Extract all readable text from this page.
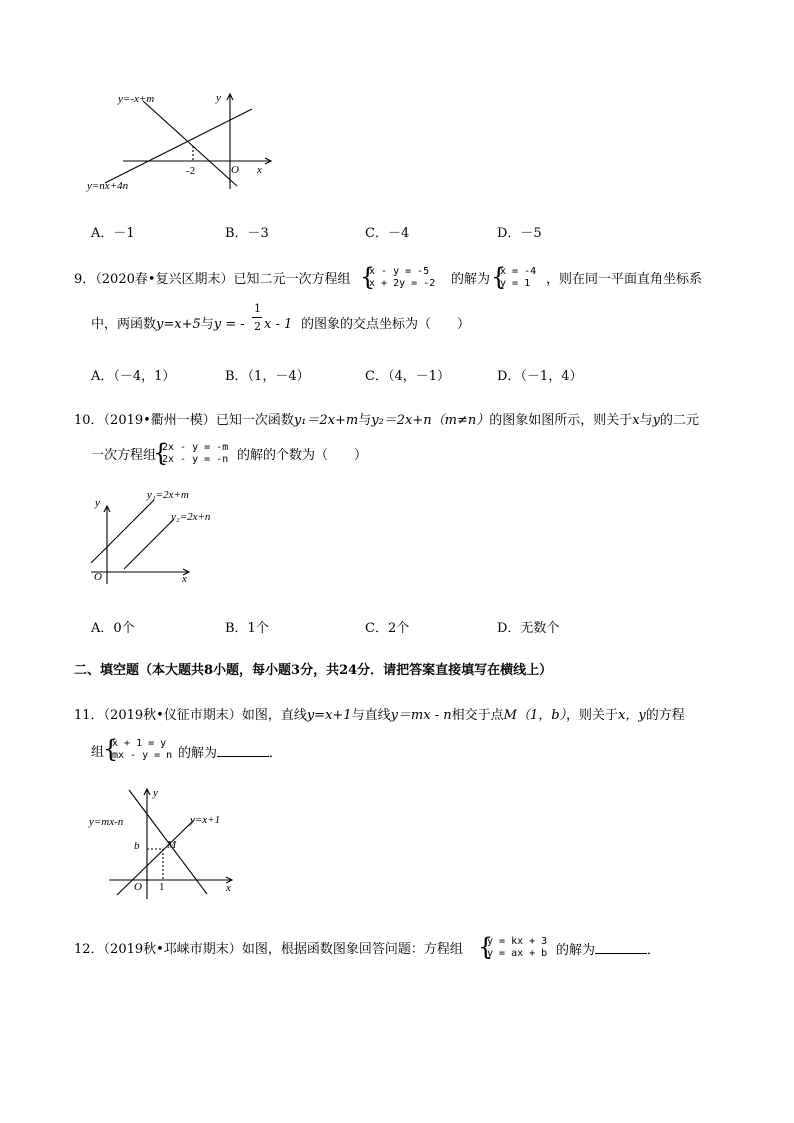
y=-x+m	y
-2	O x
y=nx+4n
A．－1	B．－3	C．－4	D．－5
9．（2020春•复兴区期末）已知二元一次方程组 {
x - y = -5
x + 2y = -2 的解为 {
x = -4
y = 1 ，则在同一平面直角坐标系
中，两函数y=x+5与y = -
1
2 x - 1 的图象的交点坐标为（　　）
A．（－4，1）	B．（1，－4）	C．（4，－1）	D．（－1，4）
10．（2019•衢州一模）已知一次函数y₁＝2x+m与y₂＝2x+n（m≠n）的图象如图所示，则关于x与y的二元
一次方程组
{
2x - y = -m
2x - y = -n 的解的个数为（　　）
y
y₁=2x+m
y₂=2x+n
O	x
A．0个	B．1个	C．2个	D．无数个
二、填空题（本大题共8小题，每小题3分，共24分．请把答案直接填写在横线上）
11．（2019秋•仪征市期末）如图，直线y=x+1与直线y＝mx - n相交于点M（1，b），则关于x，y的方程
组
{
x + 1 = y
mx - y = n 的解为	．
y
y=mx-n	y=x+1
b	M
O 1	x
12．（2019秋•邛崃市期末）如图，根据函数图象回答问题：方程组 {
y = kx + 3
y = ax + b 的解为	．
